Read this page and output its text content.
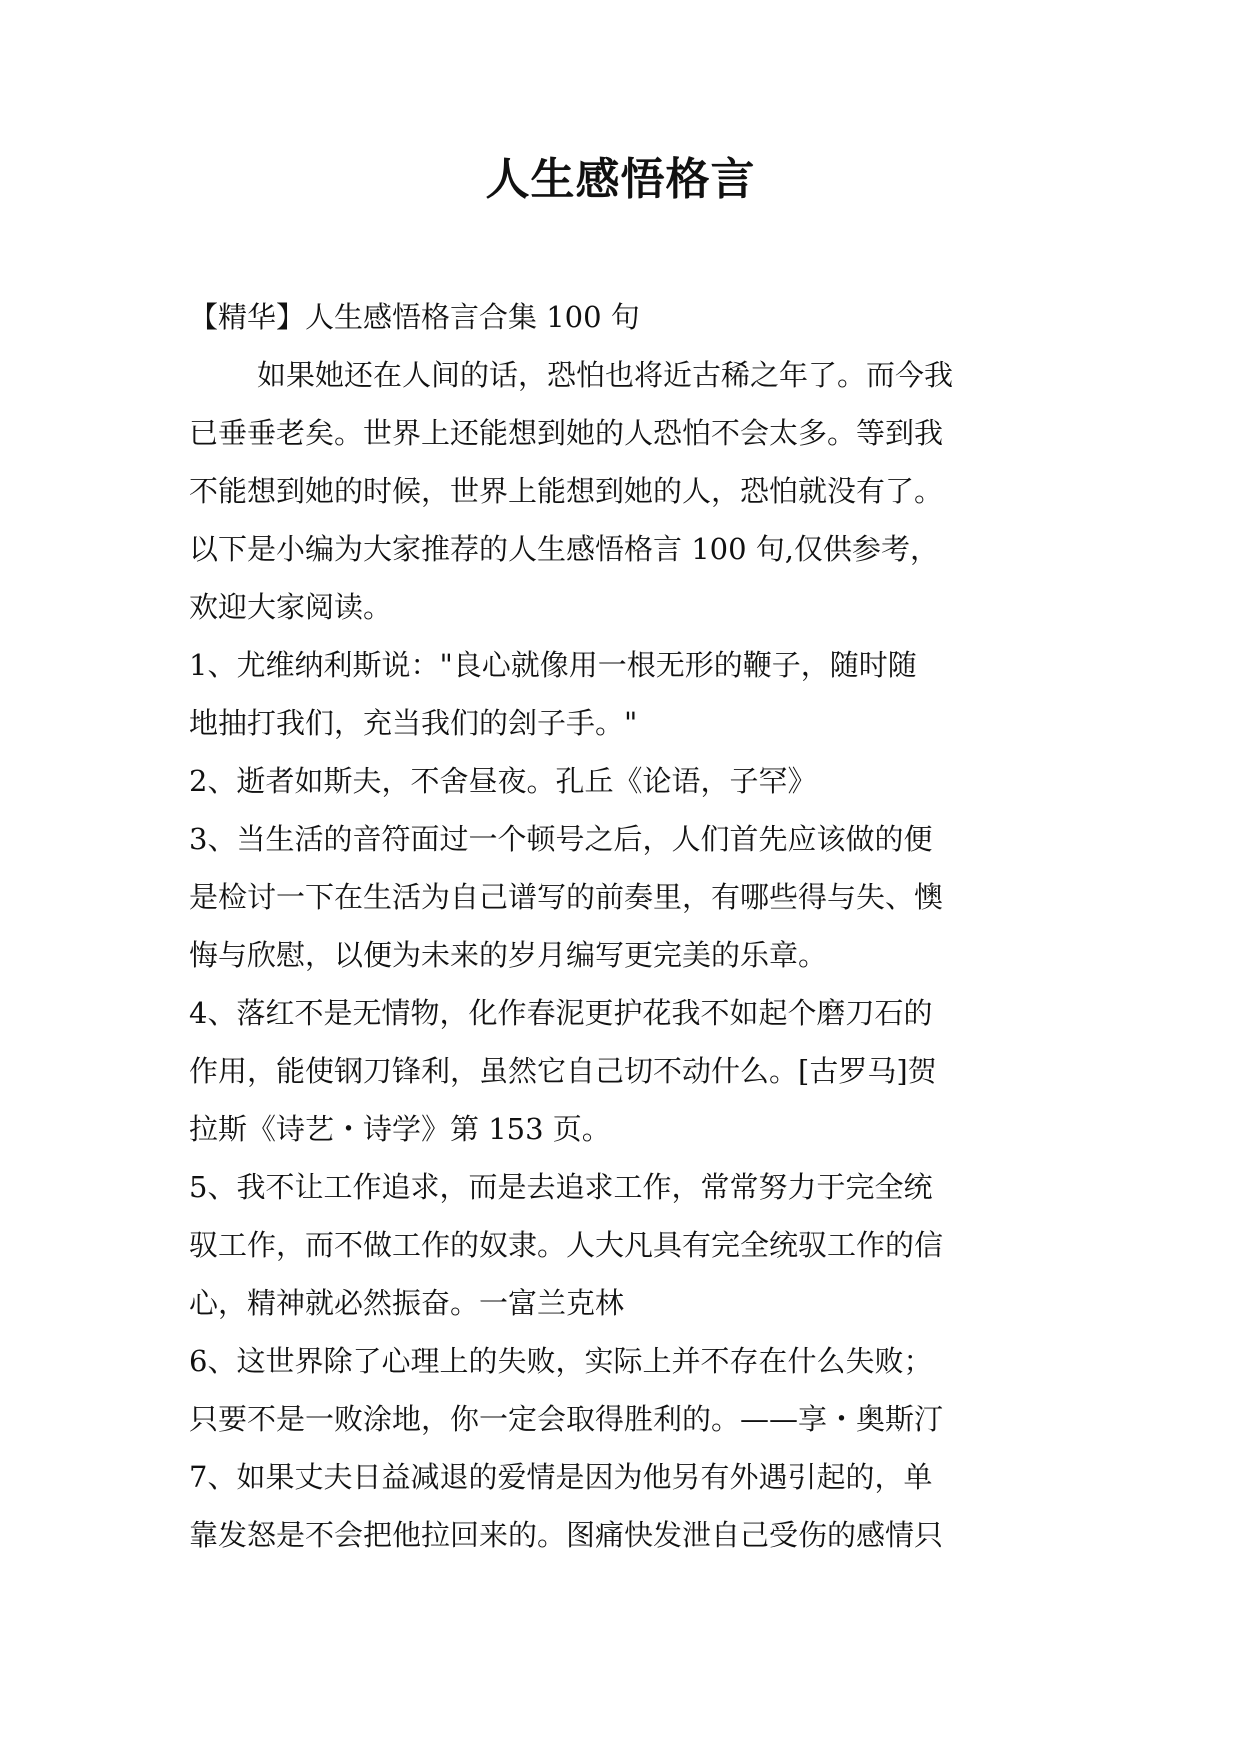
人生感悟格言
【精华】人生感悟格言合集 100 句
如果她还在人间的话，恐怕也将近古稀之年了。而今我
已垂垂老矣。世界上还能想到她的人恐怕不会太多。等到我
不能想到她的时候，世界上能想到她的人，恐怕就没有了。
以下是小编为大家推荐的人生感悟格言 100 句,仅供参考，
欢迎大家阅读。
1、尤维纳利斯说："良心就像用一根无形的鞭子，随时随
地抽打我们，充当我们的刽子手。"
2、逝者如斯夫，不舍昼夜。孔丘《论语，子罕》
3、当生活的音符面过一个顿号之后，人们首先应该做的便
是检讨一下在生活为自己谱写的前奏里，有哪些得与失、懊
悔与欣慰，以便为未来的岁月编写更完美的乐章。
4、落红不是无情物，化作春泥更护花我不如起个磨刀石的
作用，能使钢刀锋利，虽然它自己切不动什么。[古罗马]贺
拉斯《诗艺・诗学》第 153 页。
5、我不让工作追求，而是去追求工作，常常努力于完全统
驭工作，而不做工作的奴隶。人大凡具有完全统驭工作的信
心，精神就必然振奋。一富兰克林
6、这世界除了心理上的失败，实际上并不存在什么失败；
只要不是一败涂地，你一定会取得胜利的。——享・奥斯汀
7、如果丈夫日益减退的爱情是因为他另有外遇引起的，单
靠发怒是不会把他拉回来的。图痛快发泄自己受伤的感情只
